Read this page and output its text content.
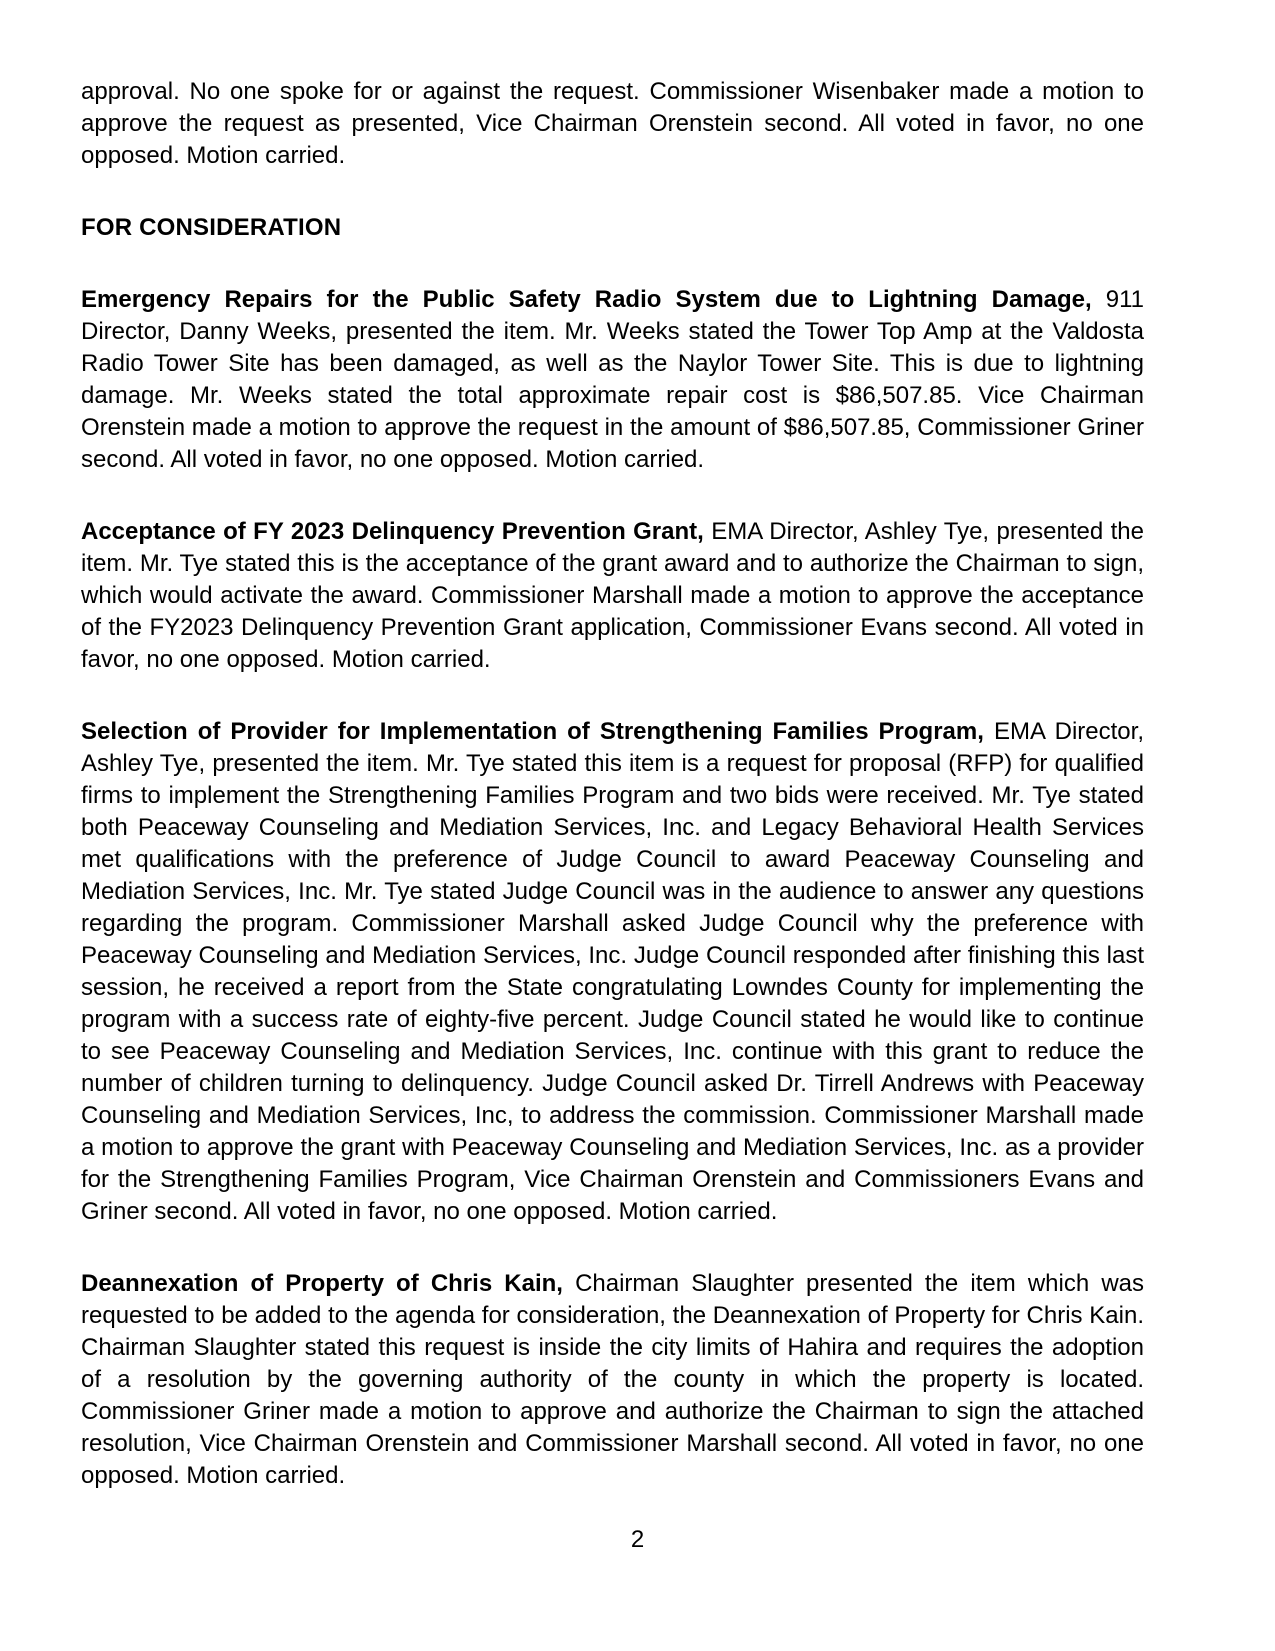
approval. No one spoke for or against the request. Commissioner Wisenbaker made a motion to approve the request as presented, Vice Chairman Orenstein second. All voted in favor, no one opposed. Motion carried.

FOR CONSIDERATION

Emergency Repairs for the Public Safety Radio System due to Lightning Damage, 911 Director, Danny Weeks, presented the item. Mr. Weeks stated the Tower Top Amp at the Valdosta Radio Tower Site has been damaged, as well as the Naylor Tower Site. This is due to lightning damage. Mr. Weeks stated the total approximate repair cost is $86,507.85. Vice Chairman Orenstein made a motion to approve the request in the amount of $86,507.85, Commissioner Griner second. All voted in favor, no one opposed. Motion carried.

Acceptance of FY 2023 Delinquency Prevention Grant, EMA Director, Ashley Tye, presented the item. Mr. Tye stated this is the acceptance of the grant award and to authorize the Chairman to sign, which would activate the award. Commissioner Marshall made a motion to approve the acceptance of the FY2023 Delinquency Prevention Grant application, Commissioner Evans second. All voted in favor, no one opposed. Motion carried.

Selection of Provider for Implementation of Strengthening Families Program, EMA Director, Ashley Tye, presented the item. Mr. Tye stated this item is a request for proposal (RFP) for qualified firms to implement the Strengthening Families Program and two bids were received. Mr. Tye stated both Peaceway Counseling and Mediation Services, Inc. and Legacy Behavioral Health Services met qualifications with the preference of Judge Council to award Peaceway Counseling and Mediation Services, Inc. Mr. Tye stated Judge Council was in the audience to answer any questions regarding the program. Commissioner Marshall asked Judge Council why the preference with Peaceway Counseling and Mediation Services, Inc. Judge Council responded after finishing this last session, he received a report from the State congratulating Lowndes County for implementing the program with a success rate of eighty-five percent. Judge Council stated he would like to continue to see Peaceway Counseling and Mediation Services, Inc. continue with this grant to reduce the number of children turning to delinquency. Judge Council asked Dr. Tirrell Andrews with Peaceway Counseling and Mediation Services, Inc, to address the commission. Commissioner Marshall made a motion to approve the grant with Peaceway Counseling and Mediation Services, Inc. as a provider for the Strengthening Families Program, Vice Chairman Orenstein and Commissioners Evans and Griner second. All voted in favor, no one opposed. Motion carried.

Deannexation of Property of Chris Kain, Chairman Slaughter presented the item which was requested to be added to the agenda for consideration, the Deannexation of Property for Chris Kain. Chairman Slaughter stated this request is inside the city limits of Hahira and requires the adoption of a resolution by the governing authority of the county in which the property is located. Commissioner Griner made a motion to approve and authorize the Chairman to sign the attached resolution, Vice Chairman Orenstein and Commissioner Marshall second. All voted in favor, no one opposed. Motion carried.

2
